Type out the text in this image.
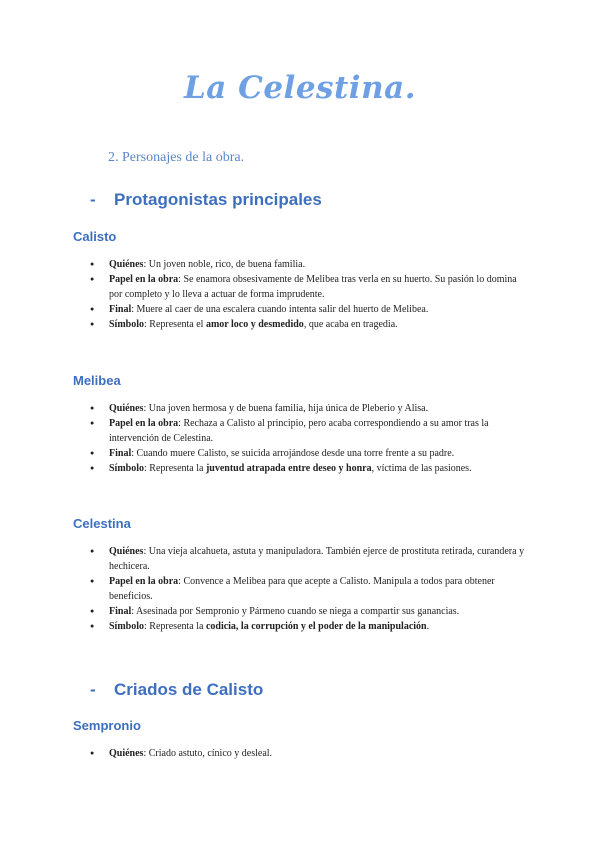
La Celestina.
2. Personajes de la obra.
- Protagonistas principales
Calisto
● Quiénes: Un joven noble, rico, de buena familia.
● Papel en la obra: Se enamora obsesivamente de Melibea tras verla en su huerto. Su pasión lo domina por completo y lo lleva a actuar de forma imprudente.
● Final: Muere al caer de una escalera cuando intenta salir del huerto de Melibea.
● Símbolo: Representa el amor loco y desmedido, que acaba en tragedia.
Melibea
● Quiénes: Una joven hermosa y de buena familia, hija única de Pleberio y Alisa.
● Papel en la obra: Rechaza a Calisto al principio, pero acaba correspondiendo a su amor tras la intervención de Celestina.
● Final: Cuando muere Calisto, se suicida arrojándose desde una torre frente a su padre.
● Símbolo: Representa la juventud atrapada entre deseo y honra, víctima de las pasiones.
Celestina
● Quiénes: Una vieja alcahueta, astuta y manipuladora. También ejerce de prostituta retirada, curandera y hechicera.
● Papel en la obra: Convence a Melibea para que acepte a Calisto. Manipula a todos para obtener beneficios.
● Final: Asesinada por Sempronio y Pármeno cuando se niega a compartir sus ganancias.
● Símbolo: Representa la codicia, la corrupción y el poder de la manipulación.
- Criados de Calisto
Sempronio
● Quiénes: Criado astuto, cínico y desleal.
